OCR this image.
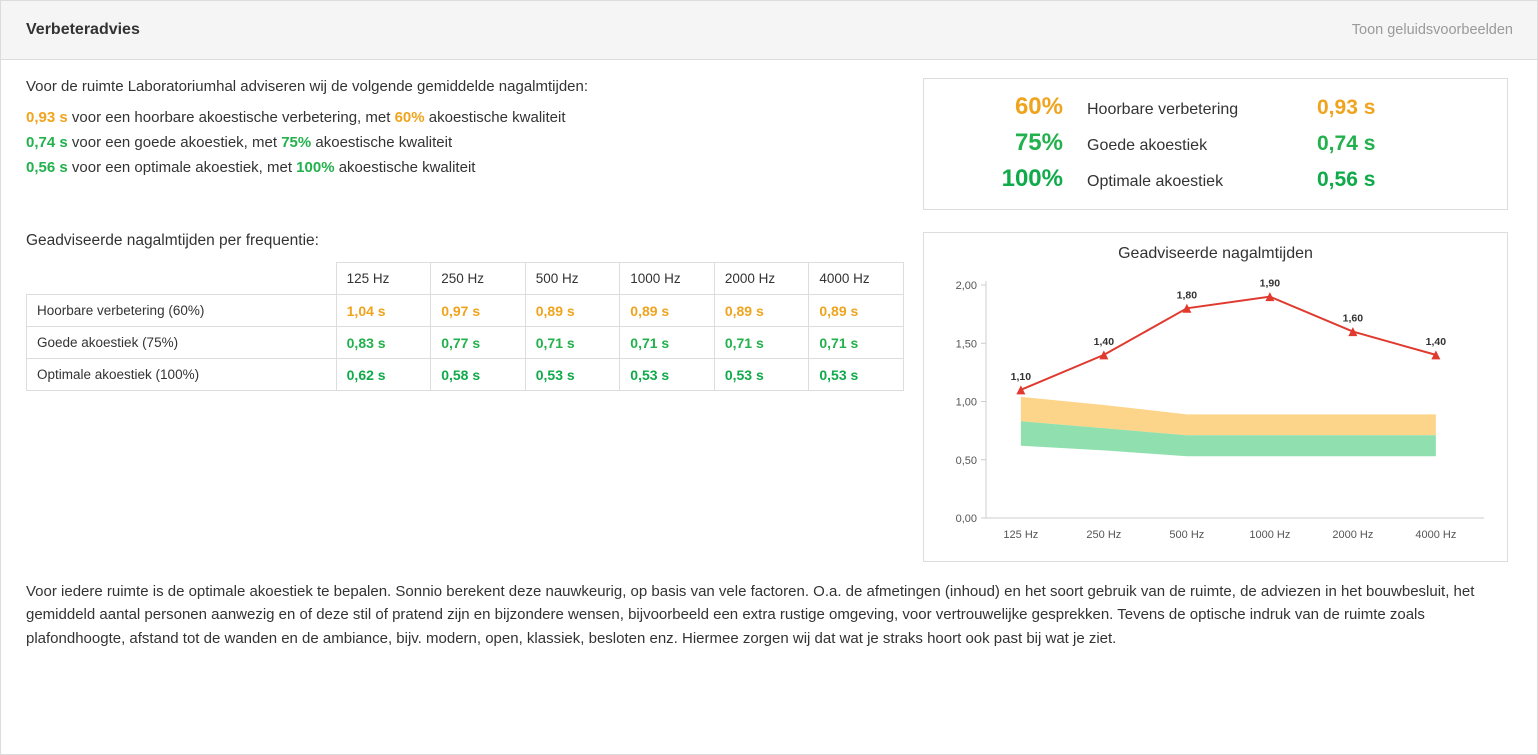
Verbeteradvies	Toon geluidsvoorbeelden
Voor de ruimte Laboratoriumhal adviseren wij de volgende gemiddelde nagalmtijden:
0,93 s voor een hoorbare akoestische verbetering, met 60% akoestische kwaliteit
0,74 s voor een goede akoestiek, met 75% akoestische kwaliteit
0,56 s voor een optimale akoestiek, met 100% akoestische kwaliteit
60%	Hoorbare verbetering	0,93 s
75%	Goede akoestiek	0,74 s
100%	Optimale akoestiek	0,56 s
Geadviseerde nagalmtijden per frequentie:
	125 Hz	250 Hz	500 Hz	1000 Hz	2000 Hz	4000 Hz
Hoorbare verbetering (60%)	1,04 s	0,97 s	0,89 s	0,89 s	0,89 s	0,89 s
Goede akoestiek (75%)	0,83 s	0,77 s	0,71 s	0,71 s	0,71 s	0,71 s
Optimale akoestiek (100%)	0,62 s	0,58 s	0,53 s	0,53 s	0,53 s	0,53 s
Geadviseerde nagalmtijden
0,00
0,50
1,00
1,50
2,00
125 Hz	250 Hz	500 Hz	1000 Hz	2000 Hz	4000 Hz
1,10
1,40
1,80
1,90
1,60
1,40
Voor iedere ruimte is de optimale akoestiek te bepalen. Sonnio berekent deze nauwkeurig, op basis van vele factoren. O.a. de afmetingen (inhoud) en het soort gebruik van de ruimte, de adviezen in het bouwbesluit, het gemiddeld aantal personen aanwezig en of deze stil of pratend zijn en bijzondere wensen, bijvoorbeeld een extra rustige omgeving, voor vertrouwelijke gesprekken. Tevens de optische indruk van de ruimte zoals plafondhoogte, afstand tot de wanden en de ambiance, bijv. modern, open, klassiek, besloten enz. Hiermee zorgen wij dat wat je straks hoort ook past bij wat je ziet.
